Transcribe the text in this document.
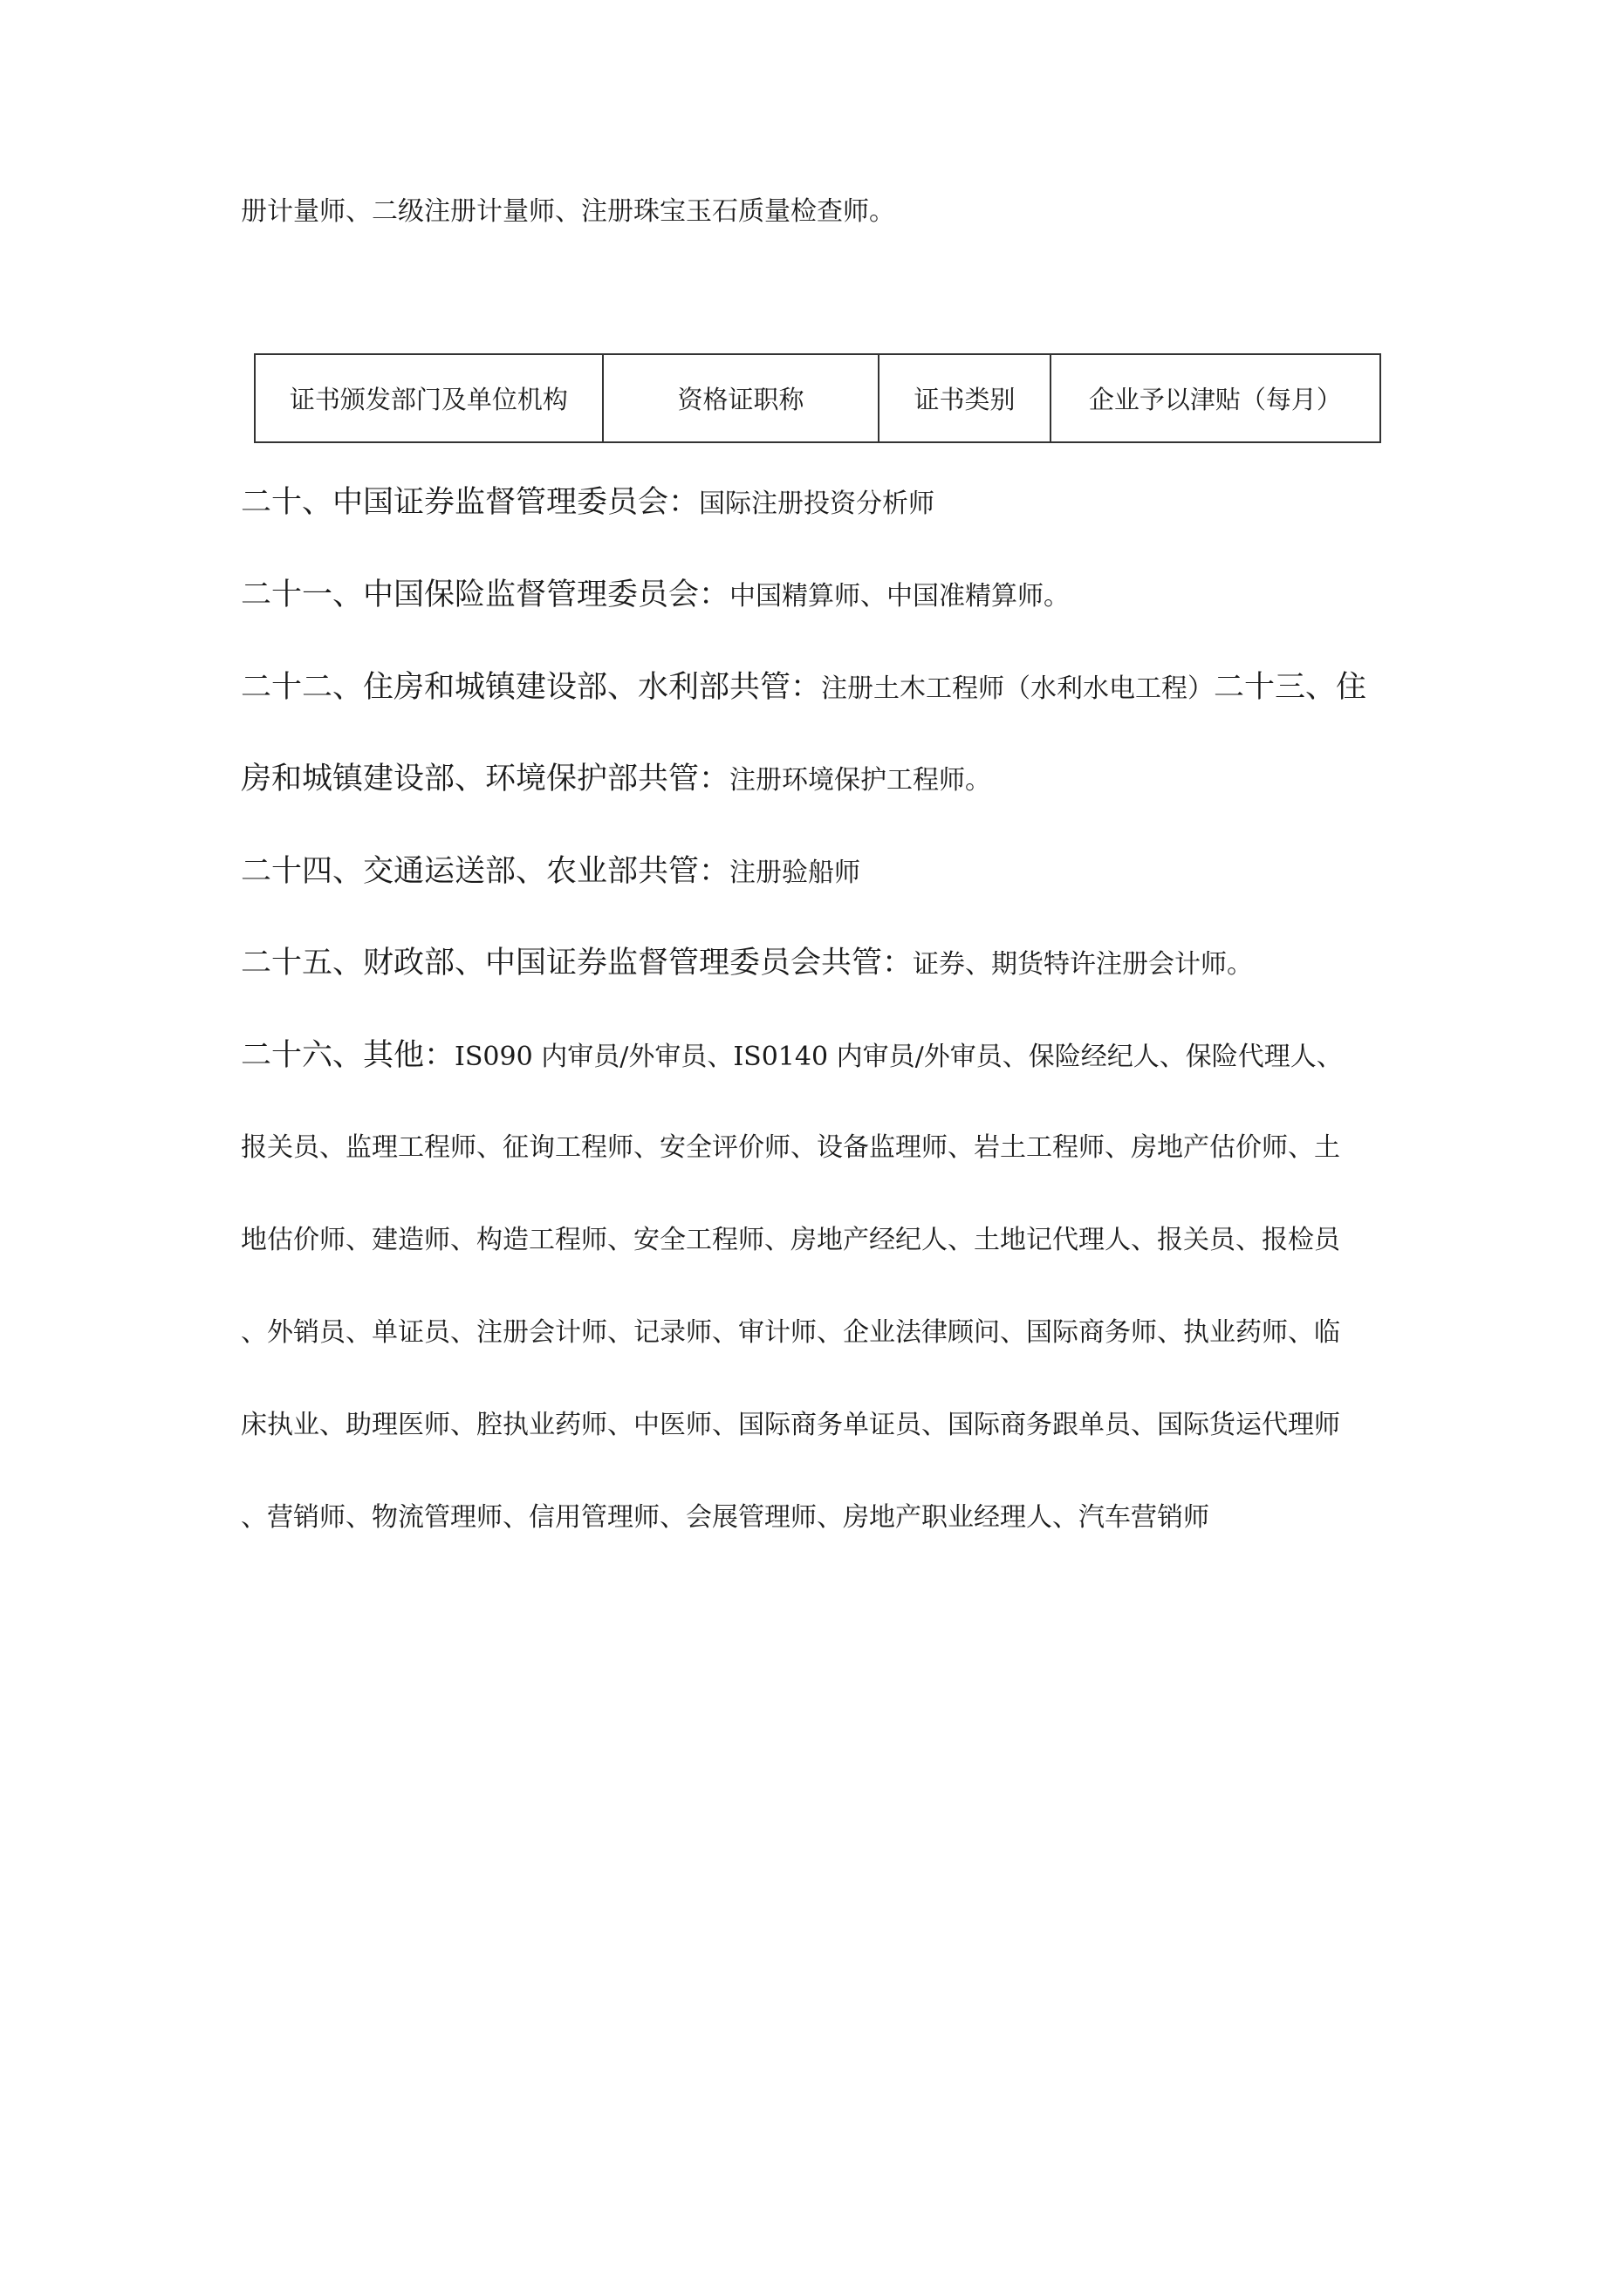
册计量师、二级注册计量师、注册珠宝玉石质量检查师。
证书颁发部门及单位机构	资格证职称	证书类别	企业予以津贴（每月）
二十、中国证券监督管理委员会：国际注册投资分析师
二十一、中国保险监督管理委员会：中国精算师、中国准精算师。
二十二、住房和城镇建设部、水利部共管：注册土木工程师（水利水电工程）二十三、住
房和城镇建设部、环境保护部共管：注册环境保护工程师。
二十四、交通运送部、农业部共管：注册验船师
二十五、财政部、中国证券监督管理委员会共管：证券、期货特许注册会计师。
二十六、其他：IS090 内审员/外审员、IS0140 内审员/外审员、保险经纪人、保险代理人、
报关员、监理工程师、征询工程师、安全评价师、设备监理师、岩土工程师、房地产估价师、土
地估价师、建造师、构造工程师、安全工程师、房地产经纪人、土地记代理人、报关员、报检员
、外销员、单证员、注册会计师、记录师、审计师、企业法律顾问、国际商务师、执业药师、临
床执业、助理医师、腔执业药师、中医师、国际商务单证员、国际商务跟单员、国际货运代理师
、营销师、物流管理师、信用管理师、会展管理师、房地产职业经理人、汽车营销师
